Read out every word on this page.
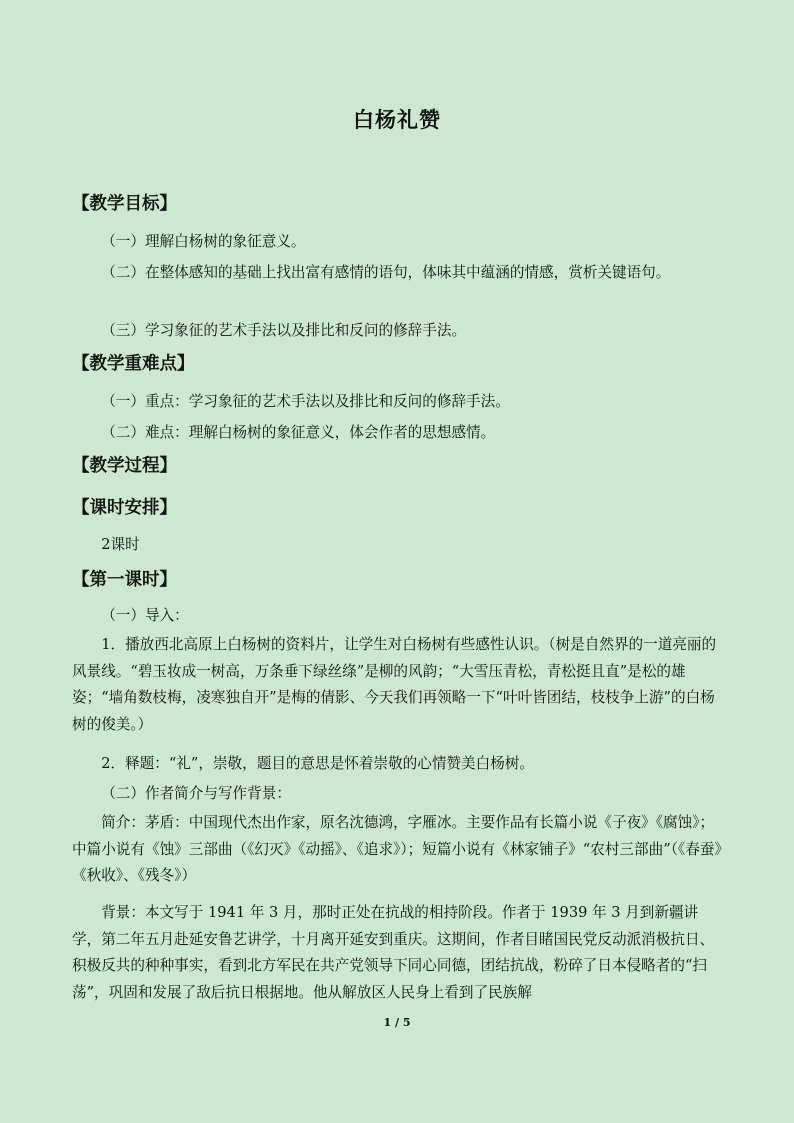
白杨礼赞
【教学目标】
（一）理解白杨树的象征意义。
（二）在整体感知的基础上找出富有感情的语句，体味其中蕴涵的情感，赏析关键语句。
（三）学习象征的艺术手法以及排比和反问的修辞手法。
【教学重难点】
（一）重点：学习象征的艺术手法以及排比和反问的修辞手法。
（二）难点：理解白杨树的象征意义，体会作者的思想感情。
【教学过程】
【课时安排】
2课时
【第一课时】
（一）导入：
1．播放西北高原上白杨树的资料片，让学生对白杨树有些感性认识。（树是自然界的一道亮丽的风景线。“碧玉妆成一树高，万条垂下绿丝绦”是柳的风韵；“大雪压青松，青松挺且直”是松的雄姿；“墙角数枝梅，凌寒独自开”是梅的倩影、今天我们再领略一下“叶叶皆团结，枝枝争上游”的白杨树的俊美。）
2．释题：“礼”，崇敬，题目的意思是怀着崇敬的心情赞美白杨树。
（二）作者简介与写作背景：
简介：茅盾：中国现代杰出作家，原名沈德鸿，字雁冰。主要作品有长篇小说《子夜》《腐蚀》；中篇小说有《蚀》三部曲（《幻灭》《动摇》、《追求》）；短篇小说有《林家铺子》“农村三部曲”（《春蚕》《秋收》、《残冬》）
背景：本文写于 1941 年 3 月，那时正处在抗战的相持阶段。作者于 1939 年 3 月到新疆讲学，第二年五月赴延安鲁艺讲学，十月离开延安到重庆。这期间，作者目睹国民党反动派消极抗日、积极反共的种种事实，看到北方军民在共产党领导下同心同德，团结抗战，粉碎了日本侵略者的“扫荡”，巩固和发展了敌后抗日根据地。他从解放区人民身上看到了民族解
1 / 5
